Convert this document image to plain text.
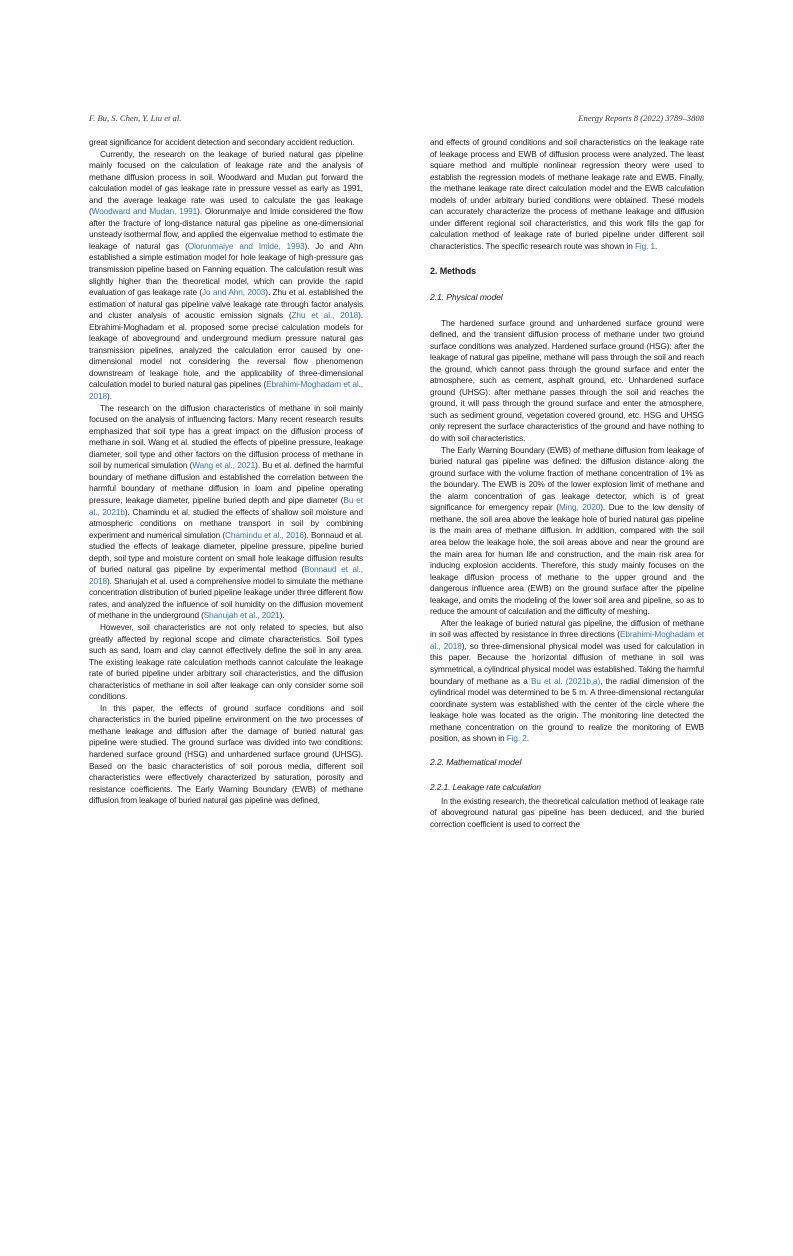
F. Bu, S. Chen, Y. Liu et al.	Energy Reports 8 (2022) 3789–3808

great significance for accident detection and secondary accident reduction.

Currently, the research on the leakage of buried natural gas pipeline mainly focused on the calculation of leakage rate and the analysis of methane diffusion process in soil. Woodward and Mudan put forward the calculation model of gas leakage rate in pressure vessel as early as 1991, and the average leakage rate was used to calculate the gas leakage (Woodward and Mudan, 1991). Olorunmaiye and Imide considered the flow after the fracture of long-distance natural gas pipeline as one-dimensional unsteady isothermal flow, and applied the eigenvalue method to estimate the leakage of natural gas (Olorunmaiye and Imide, 1993). Jo and Ahn established a simple estimation model for hole leakage of high-pressure gas transmission pipeline based on Fanning equation. The calculation result was slightly higher than the theoretical model, which can provide the rapid evaluation of gas leakage rate (Jo and Ahn, 2003). Zhu et al. established the estimation of natural gas pipeline valve leakage rate through factor analysis and cluster analysis of acoustic emission signals (Zhu et al., 2018). Ebrahimi-Moghadam et al. proposed some precise calculation models for leakage of aboveground and underground medium pressure natural gas transmission pipelines, analyzed the calculation error caused by one-dimensional model not considering the reversal flow phenomenon downstream of leakage hole, and the applicability of three-dimensional calculation model to buried natural gas pipelines (Ebrahimi-Moghadam et al., 2018).

The research on the diffusion characteristics of methane in soil mainly focused on the analysis of influencing factors. Many recent research results emphasized that soil type has a great impact on the diffusion process of methane in soil. Wang et al. studied the effects of pipeline pressure, leakage diameter, soil type and other factors on the diffusion process of methane in soil by numerical simulation (Wang et al., 2021). Bu et al. defined the harmful boundary of methane diffusion and established the correlation between the harmful boundary of methane diffusion in loam and pipeline operating pressure, leakage diameter, pipeline buried depth and pipe diameter (Bu et al., 2021b). Chamindu et al. studied the effects of shallow soil moisture and atmospheric conditions on methane transport in soil by combining experiment and numerical simulation (Chamindu et al., 2016). Bonnaud et al. studied the effects of leakage diameter, pipeline pressure, pipeline buried depth, soil type and moisture content on small hole leakage diffusion results of buried natural gas pipeline by experimental method (Bonnaud et al., 2018). Shanujah et al. used a comprehensive model to simulate the methane concentration distribution of buried pipeline leakage under three different flow rates, and analyzed the influence of soil humidity on the diffusion movement of methane in the underground (Shanujah et al., 2021).

However, soil characteristics are not only related to species, but also greatly affected by regional scope and climate characteristics. Soil types such as sand, loam and clay cannot effectively define the soil in any area. The existing leakage rate calculation methods cannot calculate the leakage rate of buried pipeline under arbitrary soil characteristics, and the diffusion characteristics of methane in soil after leakage can only consider some soil conditions.

In this paper, the effects of ground surface conditions and soil characteristics in the buried pipeline environment on the two processes of methane leakage and diffusion after the damage of buried natural gas pipeline were studied. The ground surface was divided into two conditions: hardened surface ground (HSG) and unhardened surface ground (UHSG). Based on the basic characteristics of soil porous media, different soil characteristics were effectively characterized by saturation, porosity and resistance coefficients. The Early Warning Boundary (EWB) of methane diffusion from leakage of buried natural gas pipeline was defined,

and effects of ground conditions and soil characteristics on the leakage rate of leakage process and EWB of diffusion process were analyzed. The least square method and multiple nonlinear regression theory were used to establish the regression models of methane leakage rate and EWB. Finally, the methane leakage rate direct calculation model and the EWB calculation models of under arbitrary buried conditions were obtained. These models can accurately characterize the process of methane leakage and diffusion under different regional soil characteristics, and this work fills the gap for calculation method of leakage rate of buried pipeline under different soil characteristics. The specific research route was shown in Fig. 1.

2. Methods
2.1. Physical model

The hardened surface ground and unhardened surface ground were defined, and the transient diffusion process of methane under two ground surface conditions was analyzed. Hardened surface ground (HSG): after the leakage of natural gas pipeline, methane will pass through the soil and reach the ground, which cannot pass through the ground surface and enter the atmosphere, such as cement, asphalt ground, etc. Unhardened surface ground (UHSG): after methane passes through the soil and reaches the ground, it will pass through the ground surface and enter the atmosphere, such as sediment ground, vegetation covered ground, etc. HSG and UHSG only represent the surface characteristics of the ground and have nothing to do with soil characteristics.

The Early Warning Boundary (EWB) of methane diffusion from leakage of buried natural gas pipeline was defined: the diffusion distance along the ground surface with the volume fraction of methane concentration of 1% as the boundary. The EWB is 20% of the lower explosion limit of methane and the alarm concentration of gas leakage detector, which is of great significance for emergency repair (Ming, 2020). Due to the low density of methane, the soil area above the leakage hole of buried natural gas pipeline is the main area of methane diffusion. In addition, compared with the soil area below the leakage hole, the soil areas above and near the ground are the main area for human life and construction, and the main risk area for inducing explosion accidents. Therefore, this study mainly focuses on the leakage diffusion process of methane to the upper ground and the dangerous influence area (EWB) on the ground surface after the pipeline leakage, and omits the modeling of the lower soil area and pipeline, so as to reduce the amount of calculation and the difficulty of meshing.

After the leakage of buried natural gas pipeline, the diffusion of methane in soil was affected by resistance in three directions (Ebrahimi-Moghadam et al., 2018), so three-dimensional physical model was used for calculation in this paper. Because the horizontal diffusion of methane in soil was symmetrical, a cylindrical physical model was established. Taking the harmful boundary of methane as a Bu et al. (2021b,a), the radial dimension of the cylindrical model was determined to be 5 m. A three-dimensional rectangular coordinate system was established with the center of the circle where the leakage hole was located as the origin. The monitoring line detected the methane concentration on the ground to realize the monitoring of EWB position, as shown in Fig. 2.

2.2. Mathematical model
2.2.1. Leakage rate calculation

In the existing research, the theoretical calculation method of leakage rate of aboveground natural gas pipeline has been deduced, and the buried correction coefficient is used to correct the
